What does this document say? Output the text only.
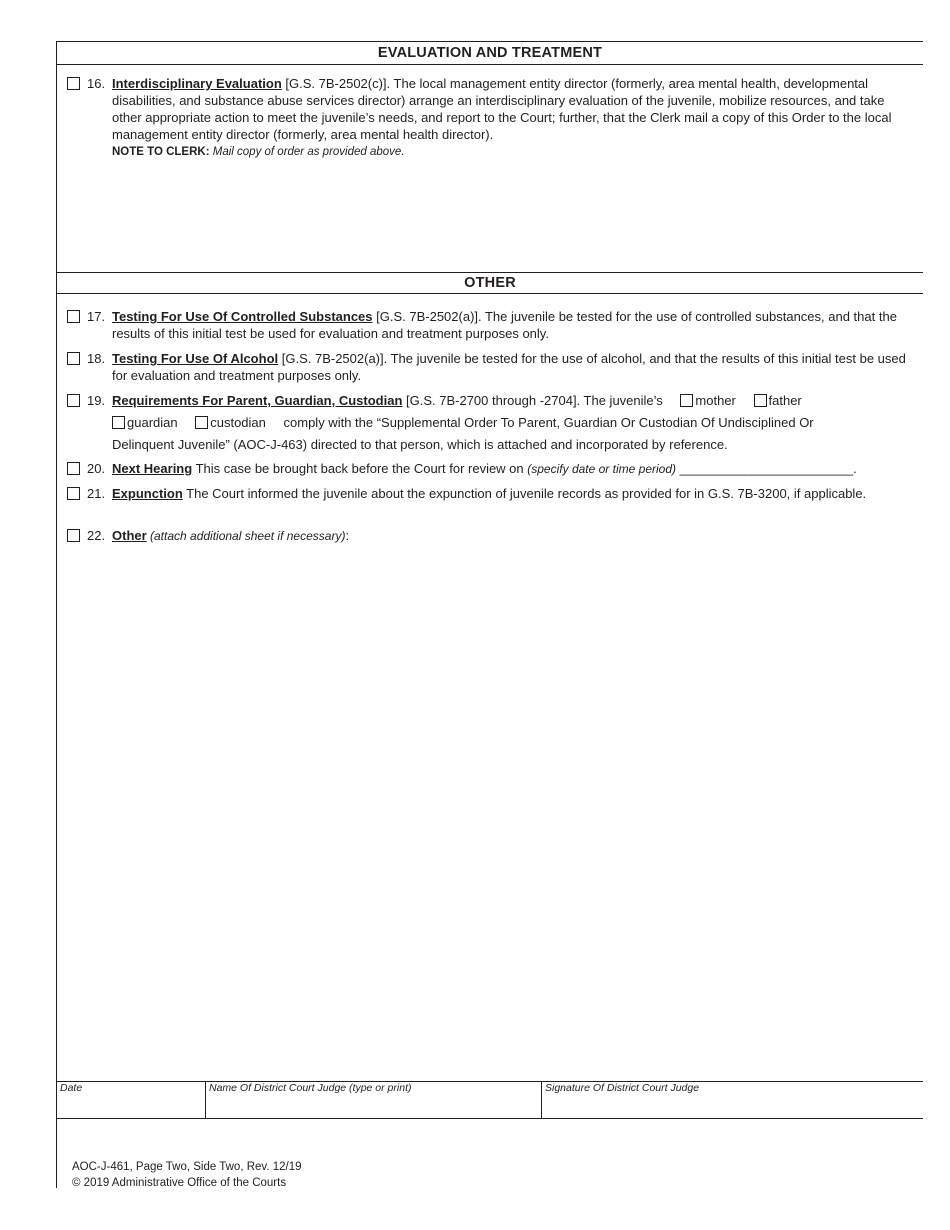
EVALUATION AND TREATMENT
16. Interdisciplinary Evaluation [G.S. 7B-2502(c)]. The local management entity director (formerly, area mental health, developmental disabilities, and substance abuse services director) arrange an interdisciplinary evaluation of the juvenile, mobilize resources, and take other appropriate action to meet the juvenile’s needs, and report to the Court; further, that the Clerk mail a copy of this Order to the local management entity director (formerly, area mental health director).
NOTE TO CLERK: Mail copy of order as provided above.
OTHER
17. Testing For Use Of Controlled Substances [G.S. 7B-2502(a)]. The juvenile be tested for the use of controlled substances, and that the results of this initial test be used for evaluation and treatment purposes only.
18. Testing For Use Of Alcohol [G.S. 7B-2502(a)]. The juvenile be tested for the use of alcohol, and that the results of this initial test be used for evaluation and treatment purposes only.
19. Requirements For Parent, Guardian, Custodian [G.S. 7B-2700 through -2704]. The juvenile’s	mother	father
guardian	custodian comply with the “Supplemental Order To Parent, Guardian Or Custodian Of Undisciplined Or
Delinquent Juvenile” (AOC-J-463) directed to that person, which is attached and incorporated by reference.
20. Next Hearing This case be brought back before the Court for review on (specify date or time period) ________________________.
21. Expunction The Court informed the juvenile about the expunction of juvenile records as provided for in G.S. 7B-3200, if applicable.
22. Other (attach additional sheet if necessary):
Date	Name Of District Court Judge (type or print)	Signature Of District Court Judge
AOC-J-461, Page Two, Side Two, Rev. 12/19
© 2019 Administrative Office of the Courts
